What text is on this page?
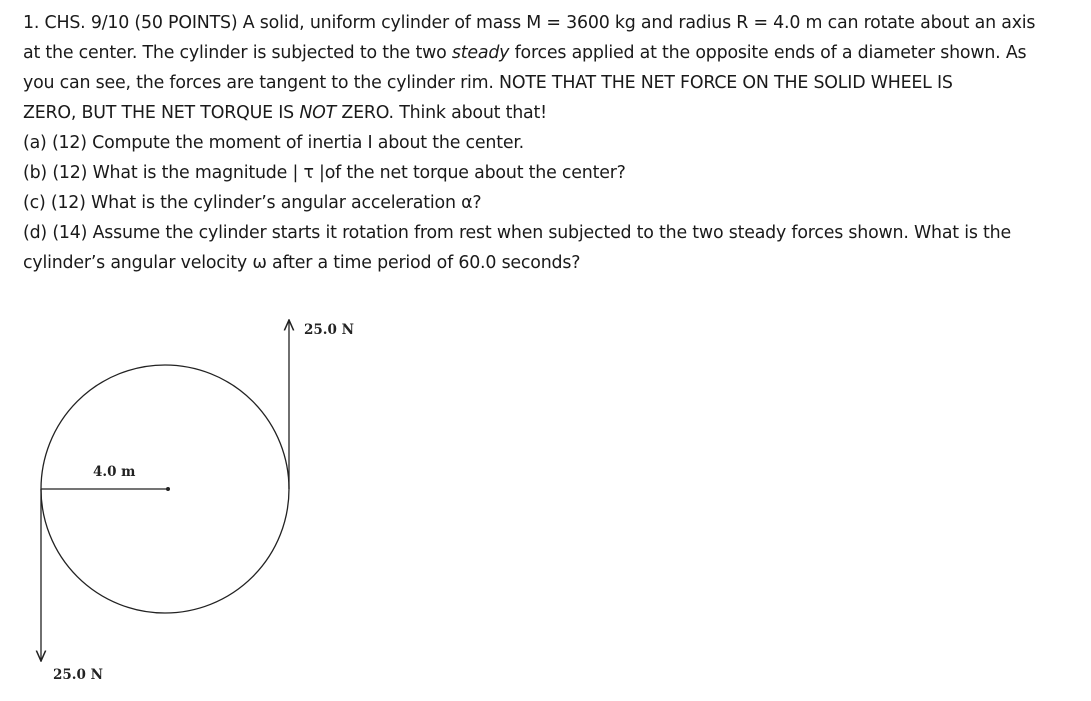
1. CHS. 9/10 (50 POINTS) A solid, uniform cylinder of mass M = 3600 kg and radius R = 4.0 m can rotate about an axis

at the center. The cylinder is subjected to the two steady forces applied at the opposite ends of a diameter shown. As

you can see, the forces are tangent to the cylinder rim. NOTE THAT THE NET FORCE ON THE SOLID WHEEL IS

ZERO, BUT THE NET TORQUE IS NOT ZERO. Think about that!

(a) (12) Compute the moment of inertia I about the center.

(b) (12) What is the magnitude | τ |of the net torque about the center?

(c) (12) What is the cylinder’s angular acceleration α?

(d) (14) Assume the cylinder starts it rotation from rest when subjected to the two steady forces shown. What is the

cylinder’s angular velocity ω after a time period of 60.0 seconds?

25.0 N
4.0 m
25.0 N
